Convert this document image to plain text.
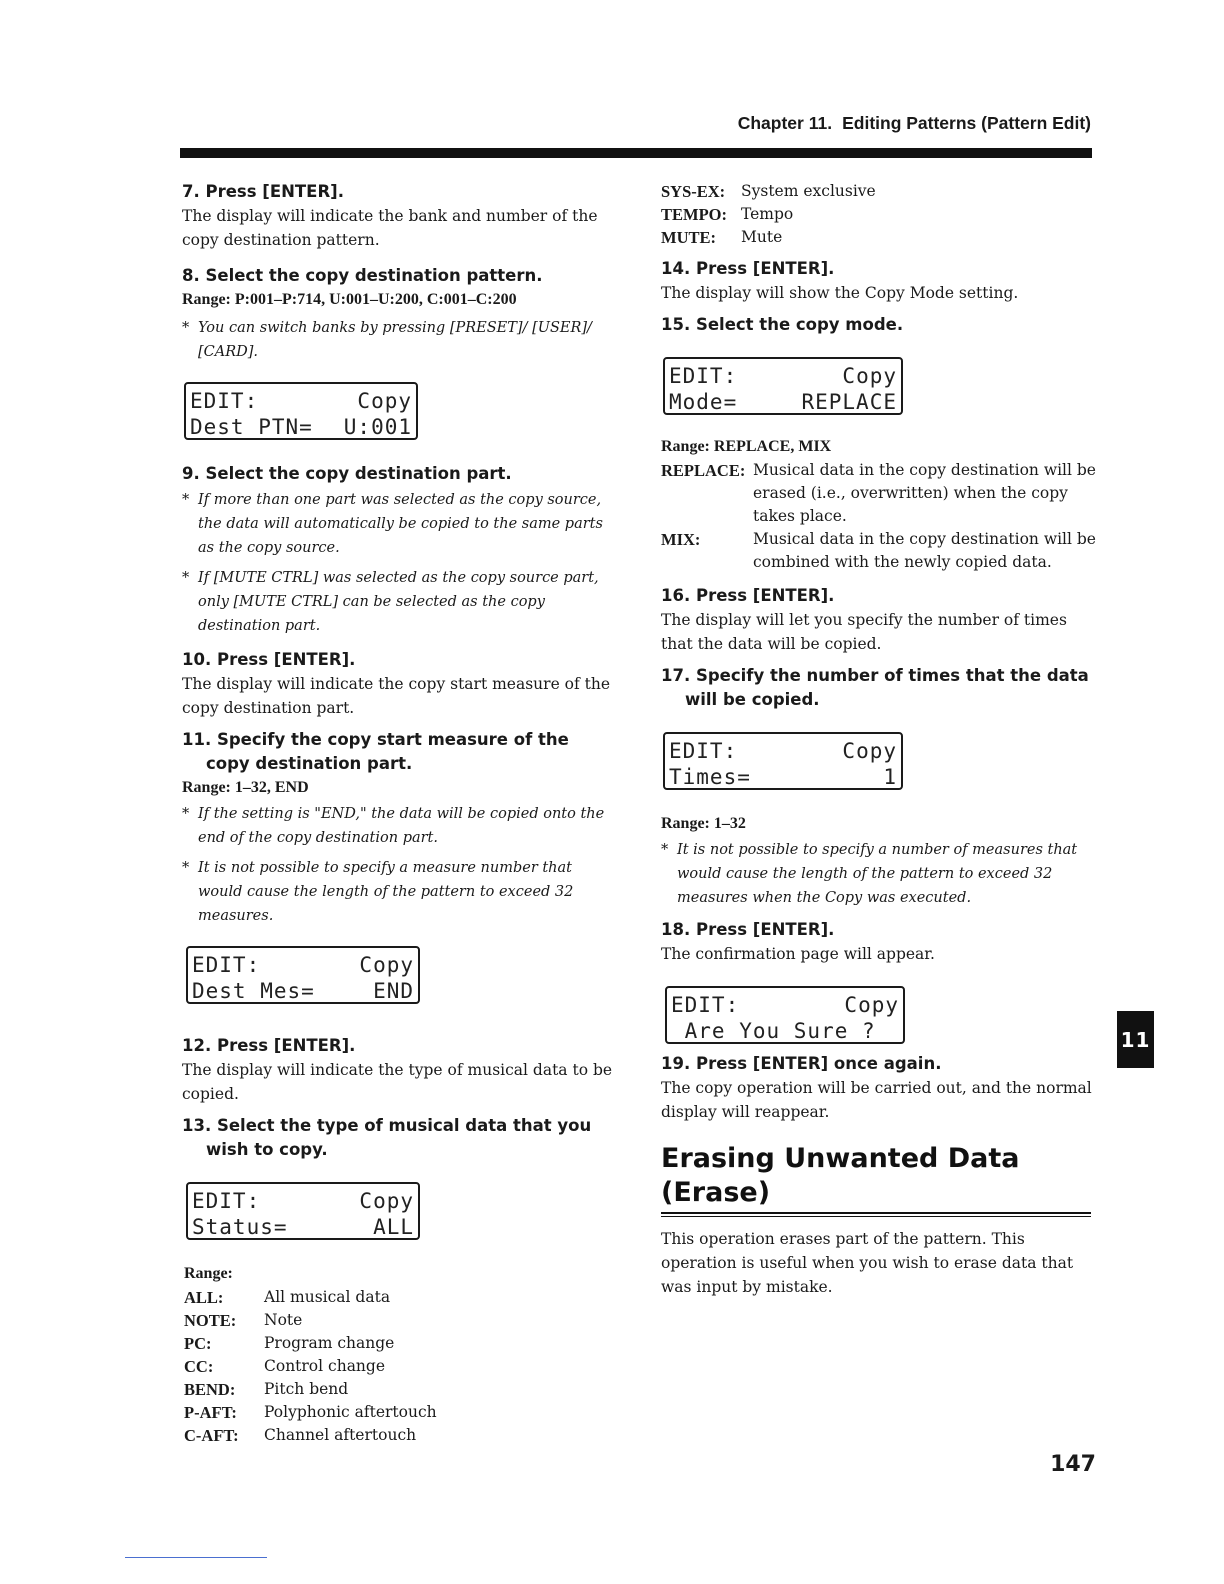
Chapter 11. Editing Patterns (Pattern Edit)

7. Press [ENTER].

The display will indicate the bank and number of the copy destination pattern.

8. Select the copy destination pattern.

Range: P:001–P:714, U:001–U:200, C:001–C:200

* You can switch banks by pressing [PRESET]/ [USER]/ [CARD].

EDIT:	Copy
Dest PTN= U:001

9. Select the copy destination part.

* If more than one part was selected as the copy source, the data will automatically be copied to the same parts as the copy source.

* If [MUTE CTRL] was selected as the copy source part, only [MUTE CTRL] can be selected as the copy destination part.

10. Press [ENTER].

The display will indicate the copy start measure of the copy destination part.

11. Specify the copy start measure of the copy destination part.

Range: 1–32, END

* If the setting is "END," the data will be copied onto the end of the copy destination part.

* It is not possible to specify a measure number that would cause the length of the pattern to exceed 32 measures.

EDIT:	Copy
Dest Mes=	END

12. Press [ENTER].

The display will indicate the type of musical data to be copied.

13. Select the type of musical data that you wish to copy.

EDIT:	Copy
Status=	ALL

Range:

ALL:	All musical data
NOTE:	Note
PC:	Program change
CC:	Control change
BEND:	Pitch bend
P-AFT:	Polyphonic aftertouch
C-AFT:	Channel aftertouch
SYS-EX:	System exclusive
TEMPO: Tempo
MUTE:	Mute

14. Press [ENTER].

The display will show the Copy Mode setting.

15. Select the copy mode.

EDIT:	Copy
Mode=	REPLACE

Range: REPLACE, MIX

REPLACE: Musical data in the copy destination will be erased (i.e., overwritten) when the copy takes place.
MIX:	Musical data in the copy destination will be combined with the newly copied data.

16. Press [ENTER].

The display will let you specify the number of times that the data will be copied.

17. Specify the number of times that the data will be copied.

EDIT:	Copy
Times=	1

Range: 1–32

* It is not possible to specify a number of measures that would cause the length of the pattern to exceed 32 measures when the Copy was executed.

18. Press [ENTER].

The confirmation page will appear.

EDIT:	Copy
Are You Sure ?

19. Press [ENTER] once again.

The copy operation will be carried out, and the normal display will reappear.

Erasing Unwanted Data
(Erase)

This operation erases part of the pattern. This operation is useful when you wish to erase data that was input by mistake.

11
147
